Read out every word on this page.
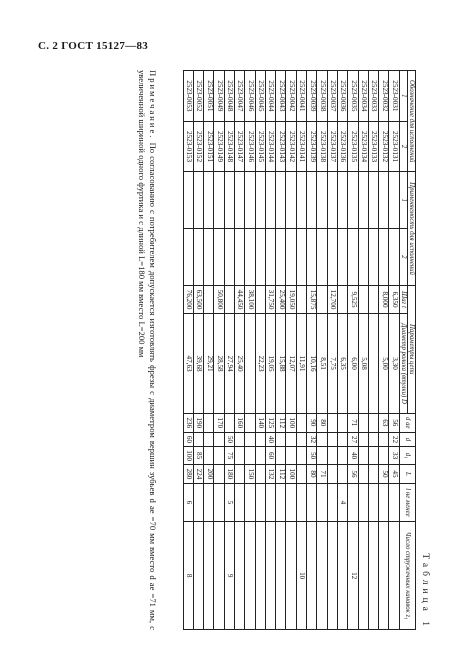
С. 2 ГОСТ 15127—83
Таблица 1
Обозначение для исполнений		Применяемость для исполнений		Параметры цепи		d ае	d	d₁	L	l не менее	Число стружечных канавок z₁
1	2	1	2	Шаг t	Диаметр ролика (втулки) D						
2523-0031	2523-0131			6,350	3,30	56	22	33	45		
2523-0032	2523-0132			8,000	5,00	63			50		
2523-0033	2523-0133										
2523-0034	2523-0134				5,08						
2523-0035	2523-0135			9,525	6,00	71	27	40	56		12
2523-0036	2523-0136				6,35					4	
2523-0037	2523-0137			12,700	7,75						
2523-0038	2523-0138				8,51	80			71		
2523-0039	2523-0139			15,875	10,16	90	32	50	80		
2523-0041	2523-0141				11,91						10
2523-0042	2523-0142			19,050	12,07	100			100		
2523-0043	2523-0143			25,400	15,88	112			112		
2523-0044	2523-0144			31,750	19,05	125	40	60	132		
2523-0045	2523-0145				22,23	140					
2523-0046	2523-0146			38,100					150		
2523-0047	2523-0147			44,450	25,40	160					
2523-0048	2523-0148				27,94		50	75	180	5	9
2523-0049	2523-0149			50,800	28,58	170					
2523-0051	2523-0151				29,21				200		
2523-0052	2523-0152			63,500	39,68	190		85	224		
2523-0053	2523-0153			76,200	47,63	236	60	100	280	6	8
Примечание. По согласованию с потребителем допускается изготовлять фрезы с диаметром вершин зубьев d ае =70 мм вместо d ае =71 мм, с увеличенной шириной одного фуртика и с длиной L=180 мм вместо L=200 мм
